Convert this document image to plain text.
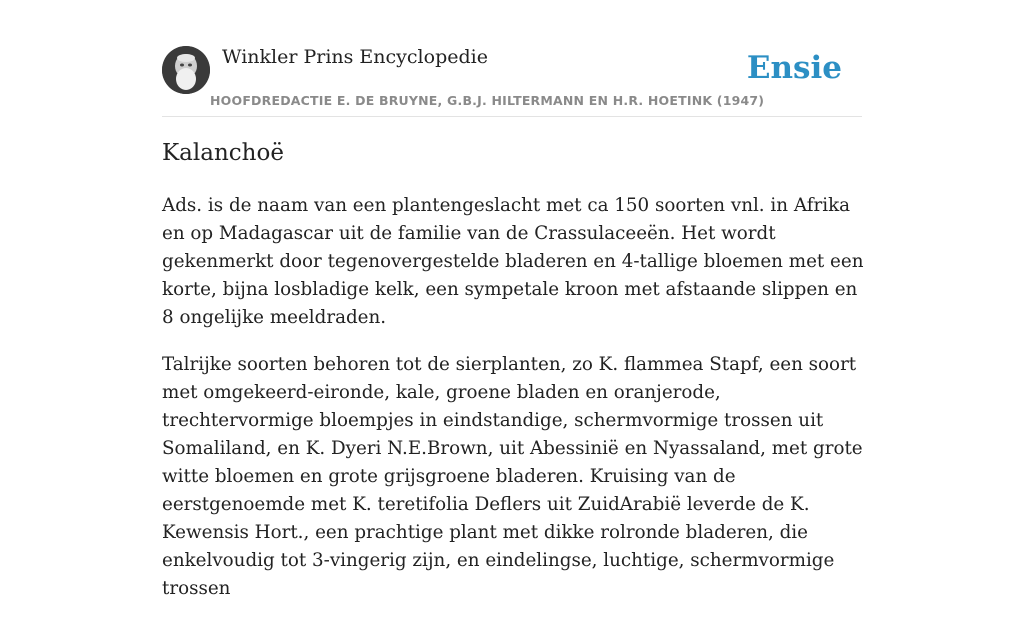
Winkler Prins Encyclopedie
HOOFDREDACTIE E. DE BRUYNE, G.B.J. HILTERMANN EN H.R. HOETINK (1947)
Ensie
Kalanchoë

Ads. is de naam van een plantengeslacht met ca 150 soorten vnl. in Afrika en op Madagascar uit de familie van de Crassulaceeën. Het wordt gekenmerkt door tegenovergestelde bladeren en 4-tallige bloemen met een korte, bijna losbladige kelk, een sympetale kroon met afstaande slippen en 8 ongelijke meeldraden.

Talrijke soorten behoren tot de sierplanten, zo K. flammea Stapf, een soort met omgekeerd-eironde, kale, groene bladen en oranjerode, trechtervormige bloempjes in eindstandige, schermvormige trossen uit Somaliland, en K. Dyeri N.E.Brown, uit Abessinië en Nyassaland, met grote witte bloemen en grote grijsgroene bladeren. Kruising van de eerstgenoemde met K. teretifolia Deflers uit ZuidArabië leverde de K. Kewensis Hort., een prachtige plant met dikke rolronde bladeren, die enkelvoudig tot 3-vingerig zijn, en eindelingse, luchtige, schermvormige trossen
